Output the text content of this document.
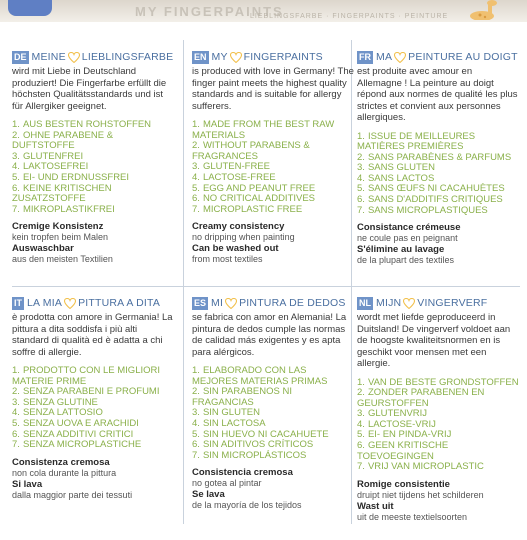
MY FINGERPAINTS
LIEBLINGSFARBE · FINGERPAINTS · PEINTURE
DE MEINE LIEBLINGSFARBE

wird mit Liebe in Deutschland produziert! Die Fingerfarbe erfüllt die höchsten Qualitätsstandards und ist für Allergiker geeignet.

1. AUS BESTEN ROHSTOFFEN
2. OHNE PARABENE & DUFTSTOFFE
3. GLUTENFREI
4. LAKTOSEFREI
5. EI- UND ERDNUSSFREI
6. KEINE KRITISCHEN ZUSATZSTOFFE
7. MIKROPLASTIKFREI
Cremige Konsistenz
kein tropfen beim Malen
Auswaschbar
aus den meisten Textilien
EN MY FINGERPAINTS

is produced with love in Germany! The finger paint meets the highest quality standards and is suitable for allergy sufferers.

1. MADE FROM THE BEST RAW MATERIALS
2. WITHOUT PARABENS & FRAGRANCES
3. GLUTEN-FREE
4. LACTOSE-FREE
5. EGG AND PEANUT FREE
6. NO CRITICAL ADDITIVES
7. MICROPLASTIC FREE
Creamy consistency
no dripping when painting
Can be washed out
from most textiles
FR MA PEINTURE AU DOIGT

est produite avec amour en Allemagne ! La peinture au doigt répond aux normes de qualité les plus strictes et convient aux personnes allergiques.

1. ISSUE DE MEILLEURES MATIÈRES PREMIÈRES
2. SANS PARABÈNES & PARFUMS
3. SANS GLUTEN
4. SANS LACTOS
5. SANS ŒUFS NI CACAHUÈTES
6. SANS D'ADDITIFS CRITIQUES
7. SANS MICROPLASTIQUES
Consistance crémeuse
ne coule pas en peignant
S'élimine au lavage
de la plupart des textiles
IT LA MIA PITTURA A DITA

è prodotta con amore in Germania! La pittura a dita soddisfa i più alti standard di qualità ed è adatta a chi soffre di allergie.

1. PRODOTTO CON LE MIGLIORI MATERIE PRIME
2. SENZA PARABENI E PROFUMI
3. SENZA GLUTINE
4. SENZA LATTOSIO
5. SENZA UOVA E ARACHIDI
6. SENZA ADDITIVI CRITICI
7. SENZA MICROPLASTICHE
Consistenza cremosa
non cola durante la pittura
Si lava
dalla maggior parte dei tessuti
ES MI PINTURA DE DEDOS

se fabrica con amor en Alemania! La pintura de dedos cumple las normas de calidad más exigentes y es apta para alérgicos.

1. ELABORADO CON LAS MEJORES MATERIAS PRIMAS
2. SIN PARABENOS NI FRAGANCIAS
3. SIN GLUTEN
4. SIN LACTOSA
5. SIN HUEVO NI CACAHUETE
6. SIN ADITIVOS CRÍTICOS
7. SIN MICROPLÁSTICOS
Consistencia cremosa
no gotea al pintar
Se lava
de la mayoría de los tejidos
NL MIJN VINGERVERF

wordt met liefde geproduceerd in Duitsland! De vingerverf voldoet aan de hoogste kwaliteitsnormen en is geschikt voor mensen met een allergie.

1. VAN DE BESTE GRONDSTOFFEN
2. ZONDER PARABENEN EN GEURSTOFFEN
3. GLUTENVRIJ
4. LACTOSE-VRIJ
5. EI- EN PINDA-VRIJ
6. GEEN KRITISCHE TOEVOEGINGEN
7. VRIJ VAN MICROPLASTIC
Romige consistentie
druipt niet tijdens het schilderen
Wast uit
uit de meeste textielsoorten
